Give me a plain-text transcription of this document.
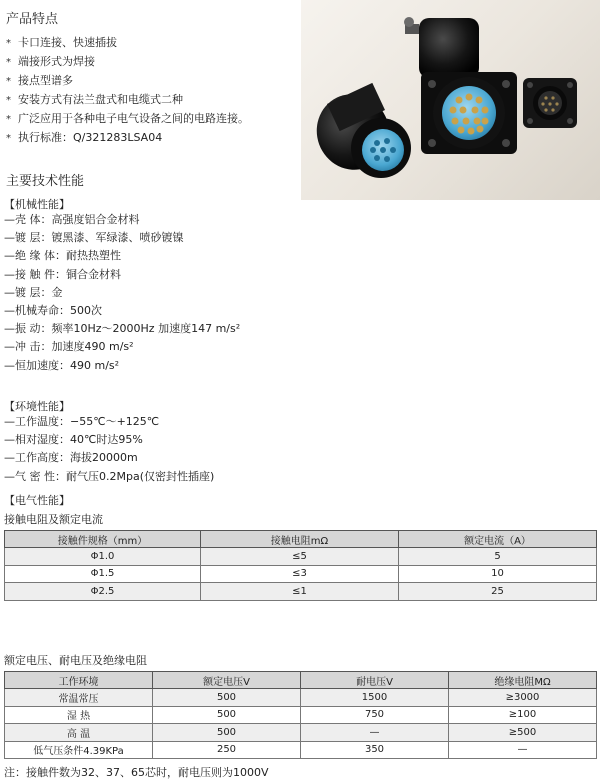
产品特点
* 卡口连接、快速插拔
* 端接形式为焊接
* 接点型谱多
* 安装方式有法兰盘式和电缆式二种
* 广泛应用于各种电子电气设备之间的电路连接。
* 执行标准：Q/321283LSA04
主要技术性能
【机械性能】
—壳 体：高强度铝合金材料
—镀 层：镀黑漆、军绿漆、喷砂镀镍
—绝 缘 体：耐热热塑性
—接 触 件：铜合金材料
—镀 层：金
—机械寿命：500次
—振 动：频率10Hz～2000Hz 加速度147 m/s²
—冲 击：加速度490 m/s²
—恒加速度：490 m/s²
【环境性能】
—工作温度：−55℃～+125℃
—相对湿度：40℃时达95%
—工作高度：海拔20000m
—气 密 性：耐气压0.2Mpa(仅密封性插座)
【电气性能】
接触电阻及额定电流
接触件规格（mm）	接触电阻mΩ	额定电流（A）
Φ1.0	≤5	5
Φ1.5	≤3	10
Φ2.5	≤1	25
额定电压、耐电压及绝缘电阻
工作环境	额定电压V	耐电压V	绝缘电阻MΩ
常温常压	500	1500	≥3000
湿 热	500	750	≥100
高 温	500	—	≥500
低气压条件4.39KPa	250	350	—
注：接触件数为32、37、65芯时，耐电压则为1000V
